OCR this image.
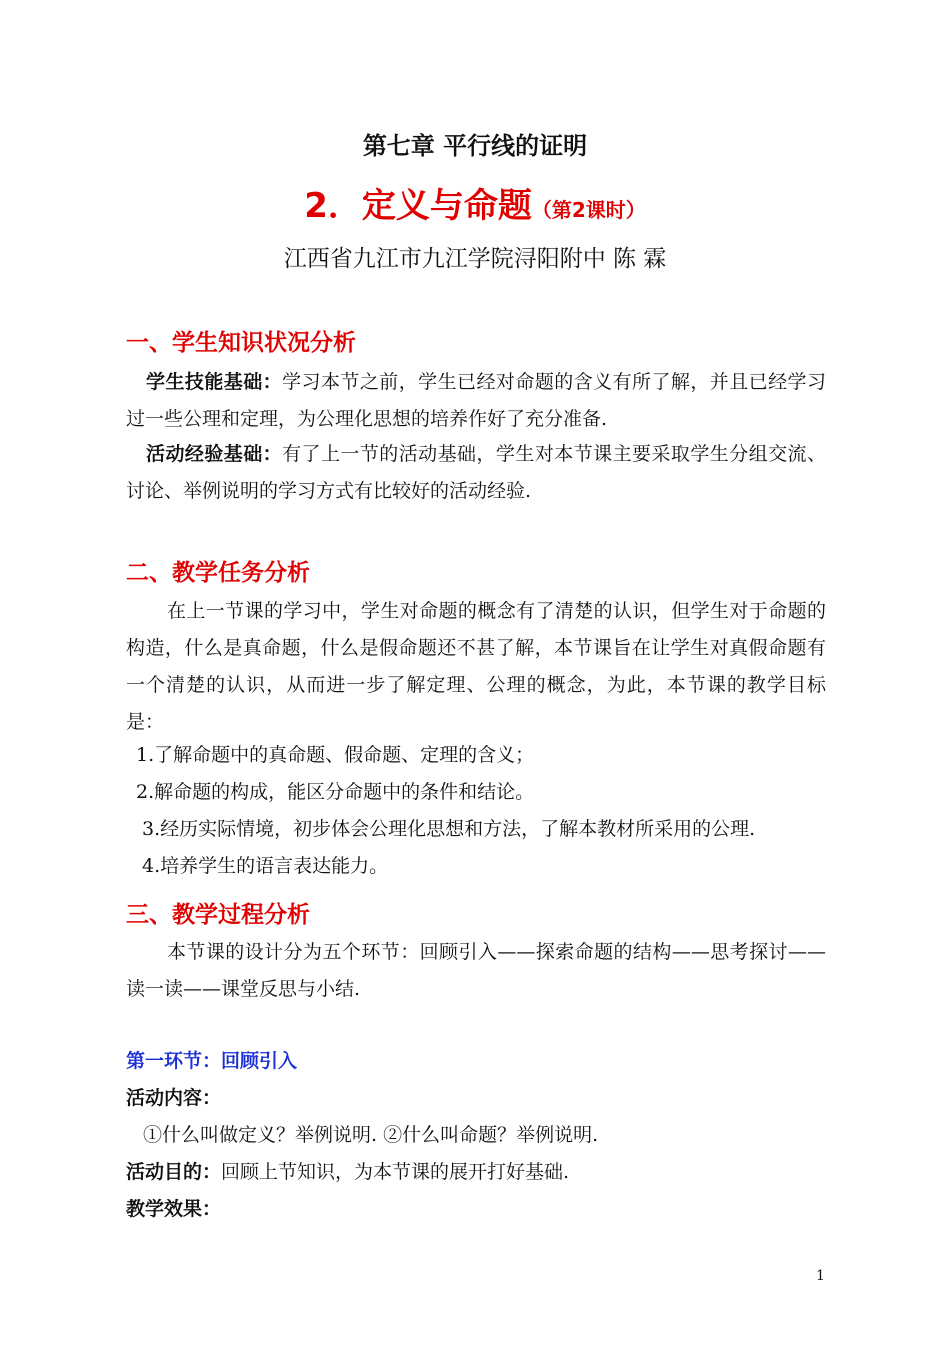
第七章 平行线的证明
2．定义与命题（第2课时）
江西省九江市九江学院浔阳附中 陈 霖
一、学生知识状况分析
学生技能基础：学习本节之前，学生已经对命题的含义有所了解，并且已经学习过一些公理和定理，为公理化思想的培养作好了充分准备.
活动经验基础：有了上一节的活动基础，学生对本节课主要采取学生分组交流、讨论、举例说明的学习方式有比较好的活动经验.
二、教学任务分析
在上一节课的学习中，学生对命题的概念有了清楚的认识，但学生对于命题的构造，什么是真命题，什么是假命题还不甚了解，本节课旨在让学生对真假命题有一个清楚的认识，从而进一步了解定理、公理的概念，为此，本节课的教学目标是：
1.了解命题中的真命题、假命题、定理的含义；
2.解命题的构成，能区分命题中的条件和结论。
3.经历实际情境，初步体会公理化思想和方法，了解本教材所采用的公理.
4.培养学生的语言表达能力。
三、教学过程分析
本节课的设计分为五个环节：回顾引入——探索命题的结构——思考探讨——读一读——课堂反思与小结.
第一环节：回顾引入
活动内容：
①什么叫做定义？举例说明. ②什么叫命题？举例说明.
活动目的：回顾上节知识，为本节课的展开打好基础.
教学效果：
1
